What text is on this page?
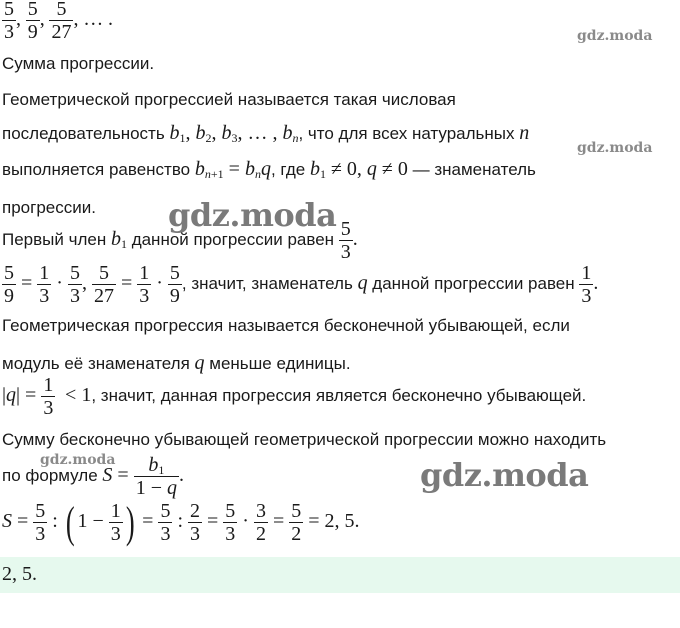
gdz.moda
gdz.moda
gdz.moda
gdz.moda	gdz.moda
$\frac{5}{3}$ , $\frac{5}{9}$ , $\frac{5}{27}$ , … .
Сумма прогрессии.
Геометрической прогрессией называется такая числовая
последовательность $b_1$, $b_2$, $b_3$, … , $b_n$, что для всех натуральных n
выполняется равенство $b_{n+1} = b_nq$, где $b_1 \ne 0$, q ≠ 0 — знаменатель
прогрессии.
Первый член $b_1$ данной прогрессии равен $\frac{5}{3}$ .
$\frac{5}{9} = \frac{1}{3} \cdot \frac{5}{3}$ , $\frac{5}{27} = \frac{1}{3} \cdot \frac{5}{9}$ , значит, знаменатель q данной прогрессии равен $\frac{1}{3}$ .
Геометрическая прогрессия называется бесконечной убывающей, если
модуль её знаменателя q меньше единицы.
$|q| = \frac{1}{3} < 1$, значит, данная прогрессия является бесконечно убывающей.
Сумму бесконечно убывающей геометрической прогрессии можно находить
по формуле $S = \frac{b_1}{1 - q}$ .
$S = \frac{5}{3}$ : ( $1 - \frac{1}{3}$ ) = $\frac{5}{3}$ : $\frac{2}{3} = \frac{5}{3} \cdot \frac{3}{2} = \frac{5}{2} = 2$, 5.
2, 5.
